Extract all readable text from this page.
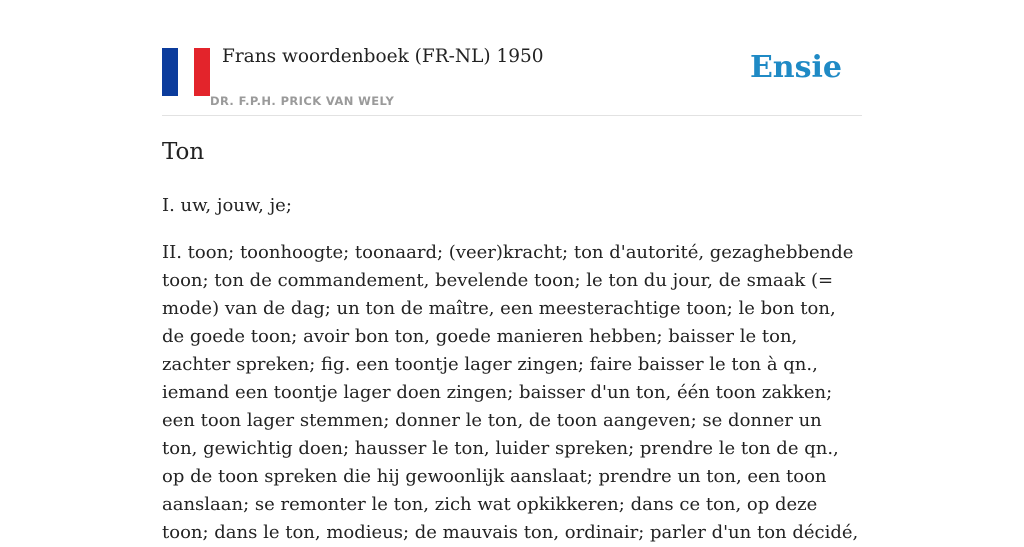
Frans woordenboek (FR-NL) 1950
DR. F.P.H. PRICK VAN WELY
Ensie
Ton

I. uw, jouw, je;

II. toon; toonhoogte; toonaard; (veer)kracht; ton d'autorité, gezaghebbende toon; ton de commandement, bevelende toon; le ton du jour, de smaak (= mode) van de dag; un ton de maître, een meesterachtige toon; le bon ton, de goede toon; avoir bon ton, goede manieren hebben; baisser le ton, zachter spreken; fig. een toontje lager zingen; faire baisser le ton à qn., iemand een toontje lager doen zingen; baisser d'un ton, één toon zakken; een toon lager stemmen; donner le ton, de toon aangeven; se donner un ton, gewichtig doen; hausser le ton, luider spreken; prendre le ton de qn., op de toon spreken die hij gewoonlijk aanslaat; prendre un ton, een toon aanslaan; se remonter le ton, zich wat opkikkeren; dans ce ton, op deze toon; dans le ton, modieus; de mauvais ton, ordinair; parler d'un ton décidé,
